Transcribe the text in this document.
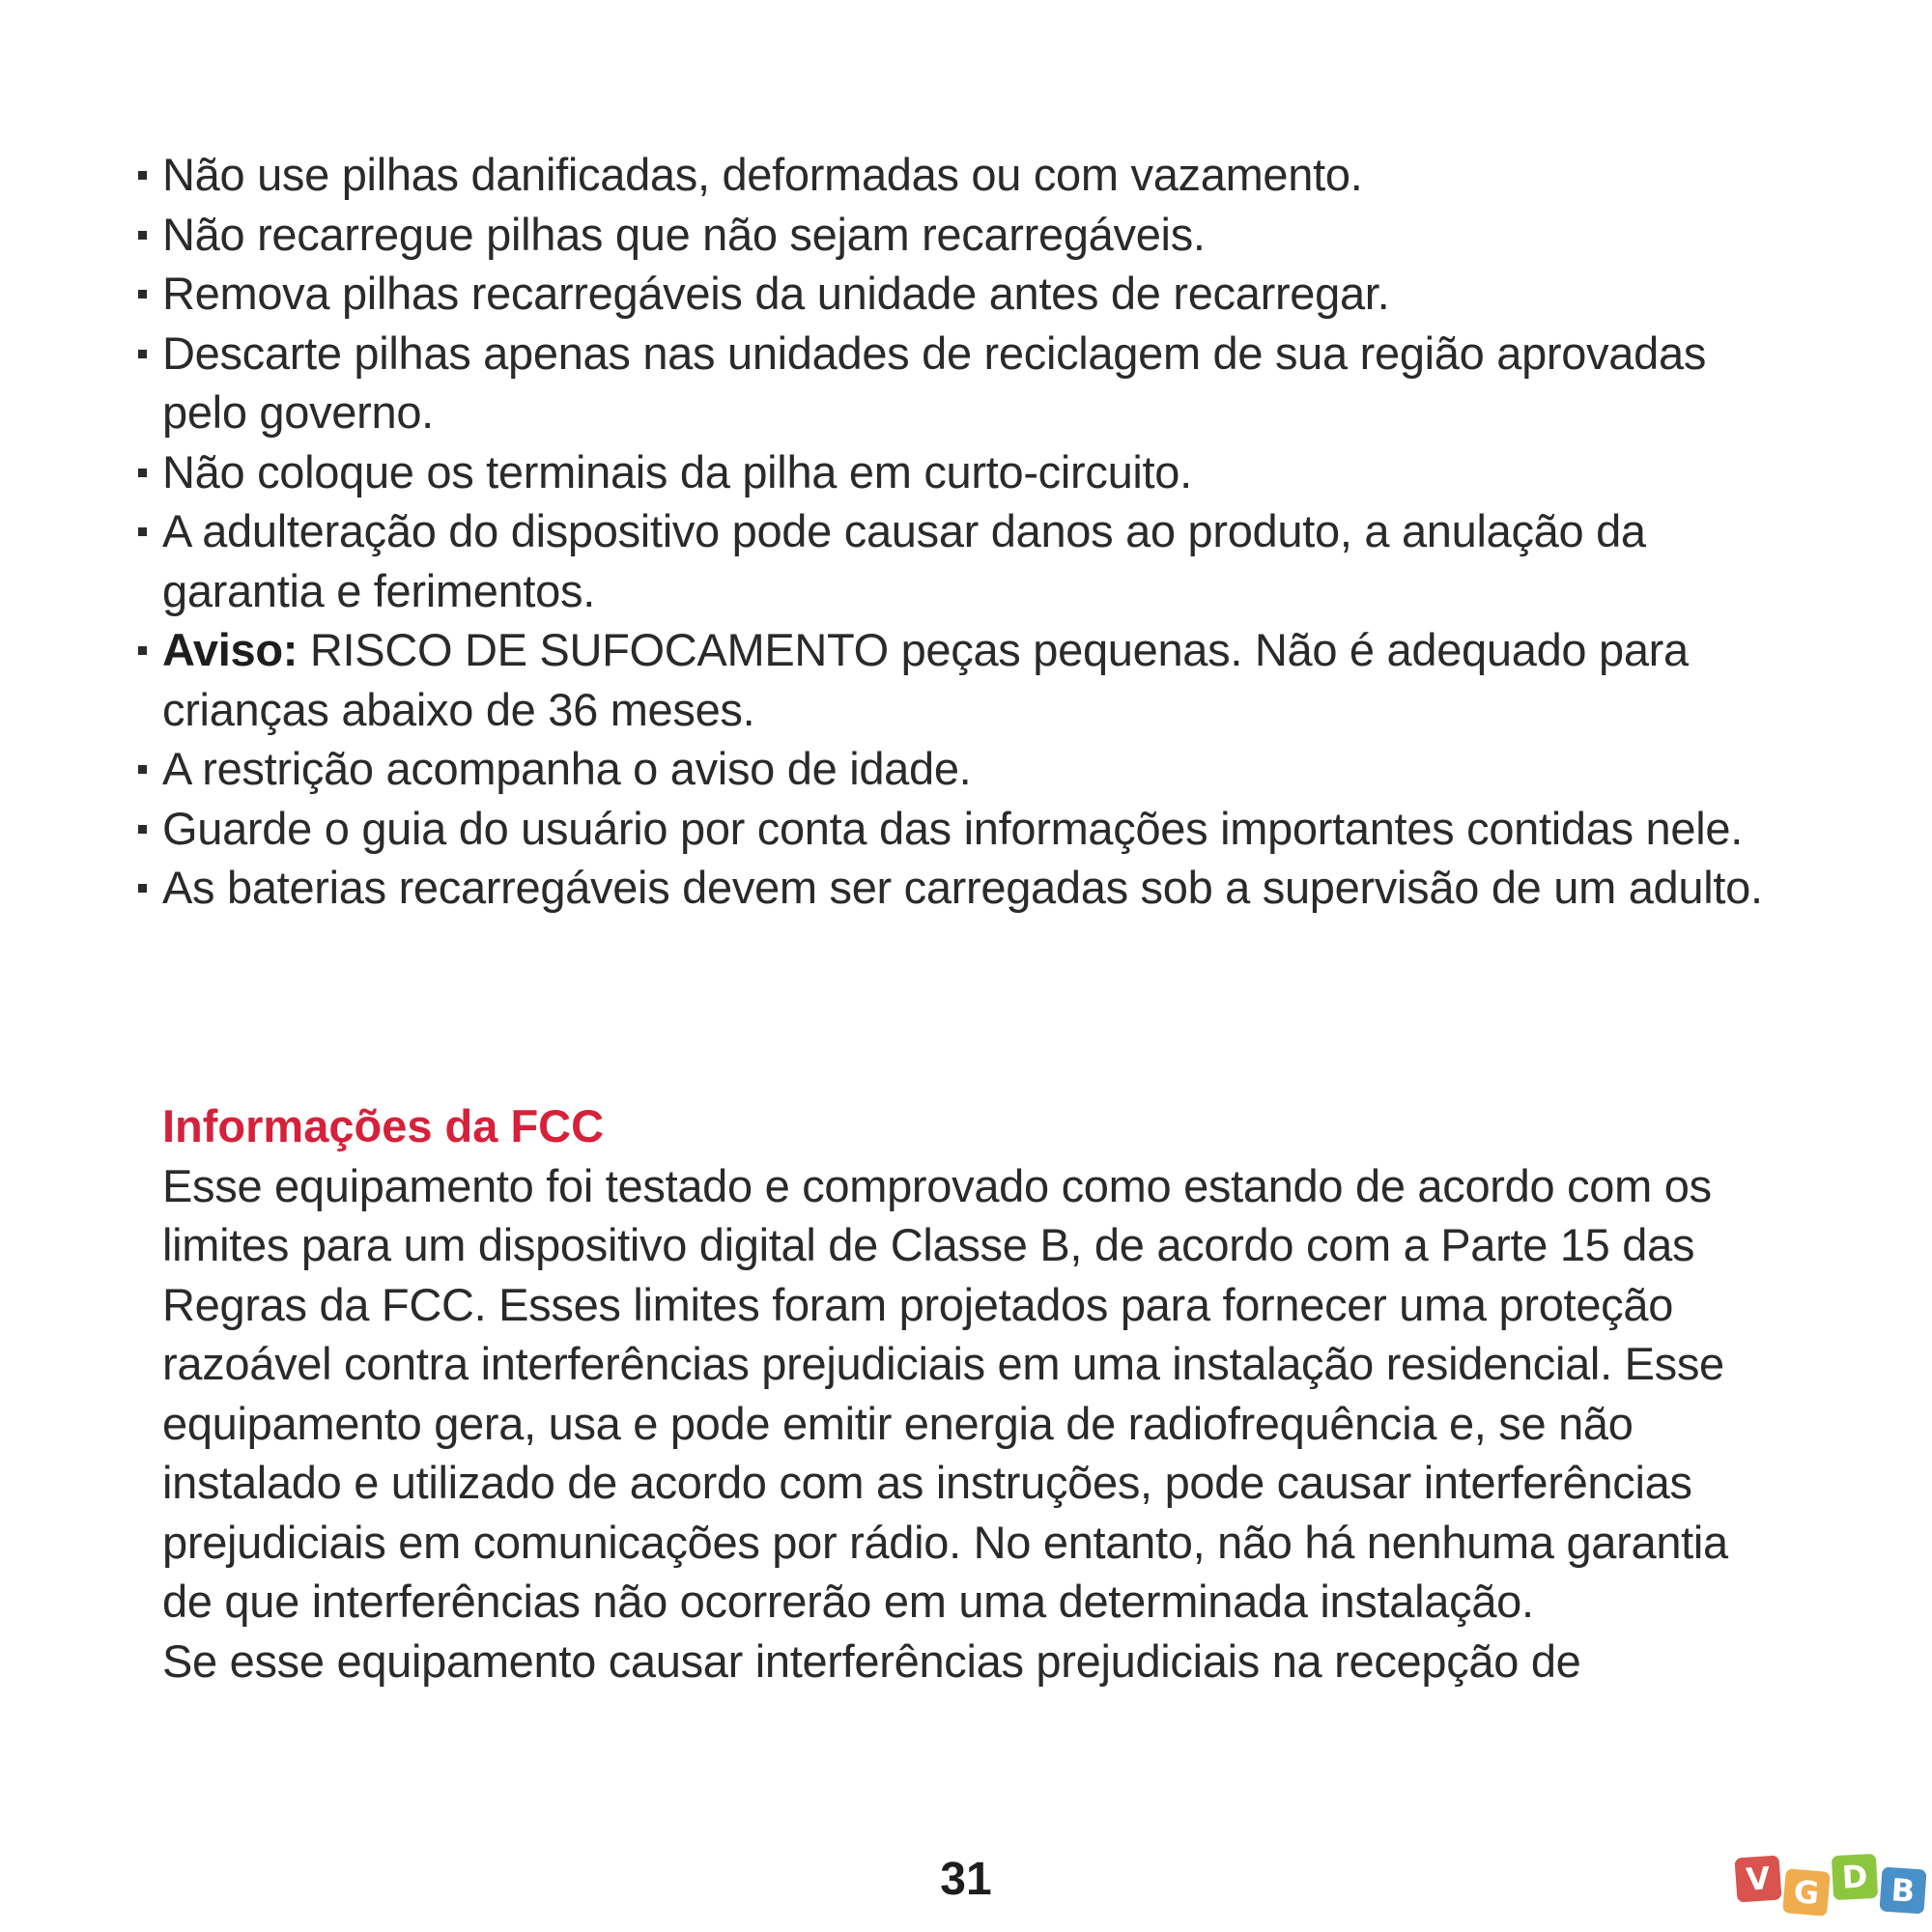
Não use pilhas danificadas, deformadas ou com vazamento.
Não recarregue pilhas que não sejam recarregáveis.
Remova pilhas recarregáveis da unidade antes de recarregar.
Descarte pilhas apenas nas unidades de reciclagem de sua região aprovadas pelo governo.
Não coloque os terminais da pilha em curto-circuito.
A adulteração do dispositivo pode causar danos ao produto, a anulação da garantia e ferimentos.
Aviso: RISCO DE SUFOCAMENTO peças pequenas. Não é adequado para crianças abaixo de 36 meses.
A restrição acompanha o aviso de idade.
Guarde o guia do usuário por conta das informações importantes contidas nele.
As baterias recarregáveis devem ser carregadas sob a supervisão de um adulto.
Informações da FCC

Esse equipamento foi testado e comprovado como estando de acordo com os limites para um dispositivo digital de Classe B, de acordo com a Parte 15 das Regras da FCC. Esses limites foram projetados para fornecer uma proteção razoável contra interferências prejudiciais em uma instalação residencial. Esse equipamento gera, usa e pode emitir energia de radiofrequência e, se não instalado e utilizado de acordo com as instruções, pode causar interferências prejudiciais em comunicações por rádio. No entanto, não há nenhuma garantia de que interferências não ocorrerão em uma determinada instalação.

Se esse equipamento causar interferências prejudiciais na recepção de

31	V G D B
